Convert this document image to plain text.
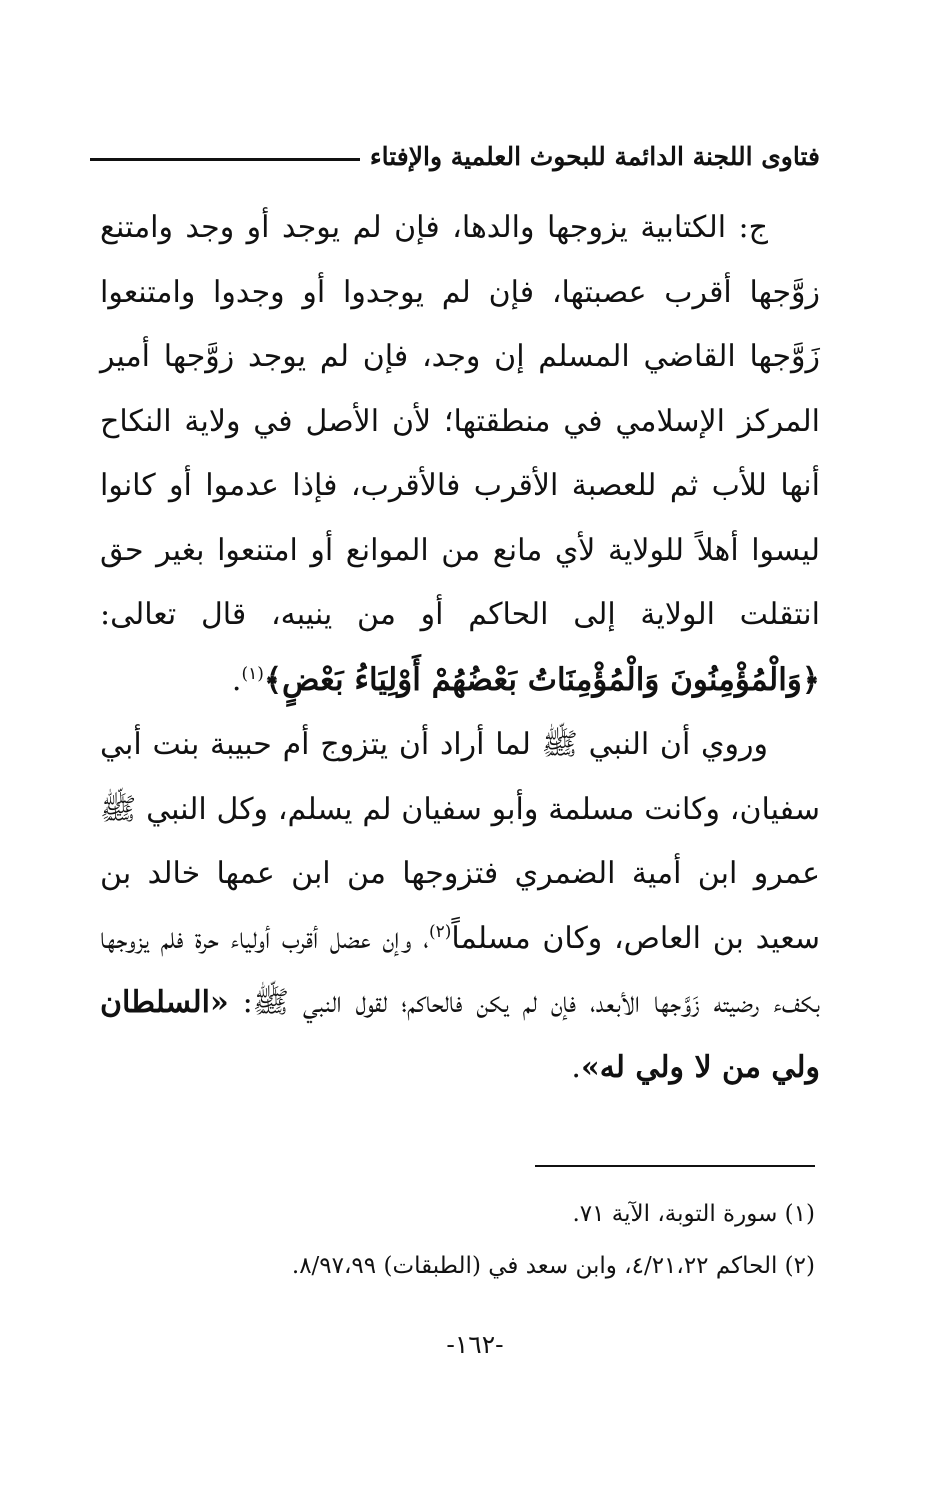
فتاوى اللجنة الدائمة للبحوث العلمية والإفتاء

ج: الكتابية يزوجها والدها، فإن لم يوجد أو وجد وامتنع زوَّجها أقرب عصبتها، فإن لم يوجدوا أو وجدوا وامتنعوا زَوَّجها القاضي المسلم إن وجد، فإن لم يوجد زوَّجها أمير المركز الإسلامي في منطقتها؛ لأن الأصل في ولاية النكاح أنها للأب ثم للعصبة الأقرب فالأقرب، فإذا عدموا أو كانوا ليسوا أهلاً للولاية لأي مانع من الموانع أو امتنعوا بغير حق انتقلت الولاية إلى الحاكم أو من ينيبه، قال تعالى: ﴿وَالْمُؤْمِنُونَ وَالْمُؤْمِنَاتُ بَعْضُهُمْ أَوْلِيَاءُ بَعْضٍ﴾$^{(١)}$.

وروي أن النبي ﷺ لما أراد أن يتزوج أم حبيبة بنت أبي سفيان، وكانت مسلمة وأبو سفيان لم يسلم، وكل النبي ﷺ عمرو ابن أمية الضمري فتزوجها من ابن عمها خالد بن سعيد بن العاص، وكان مسلماً$^{(٢)}$، وإن عضل أقرب أولياء حرة فلم يزوجها بكفء رضيته زَوَّجها الأبعد، فإن لم يكن فالحاكم؛ لقول النبي ﷺ: «السلطان ولي من لا ولي له».

(١) سورة التوبة، الآية ٧١.
(٢) الحاكم ٤/٢١،٢٢، وابن سعد في (الطبقات) ٨/٩٧،٩٩.
-١٦٢-
